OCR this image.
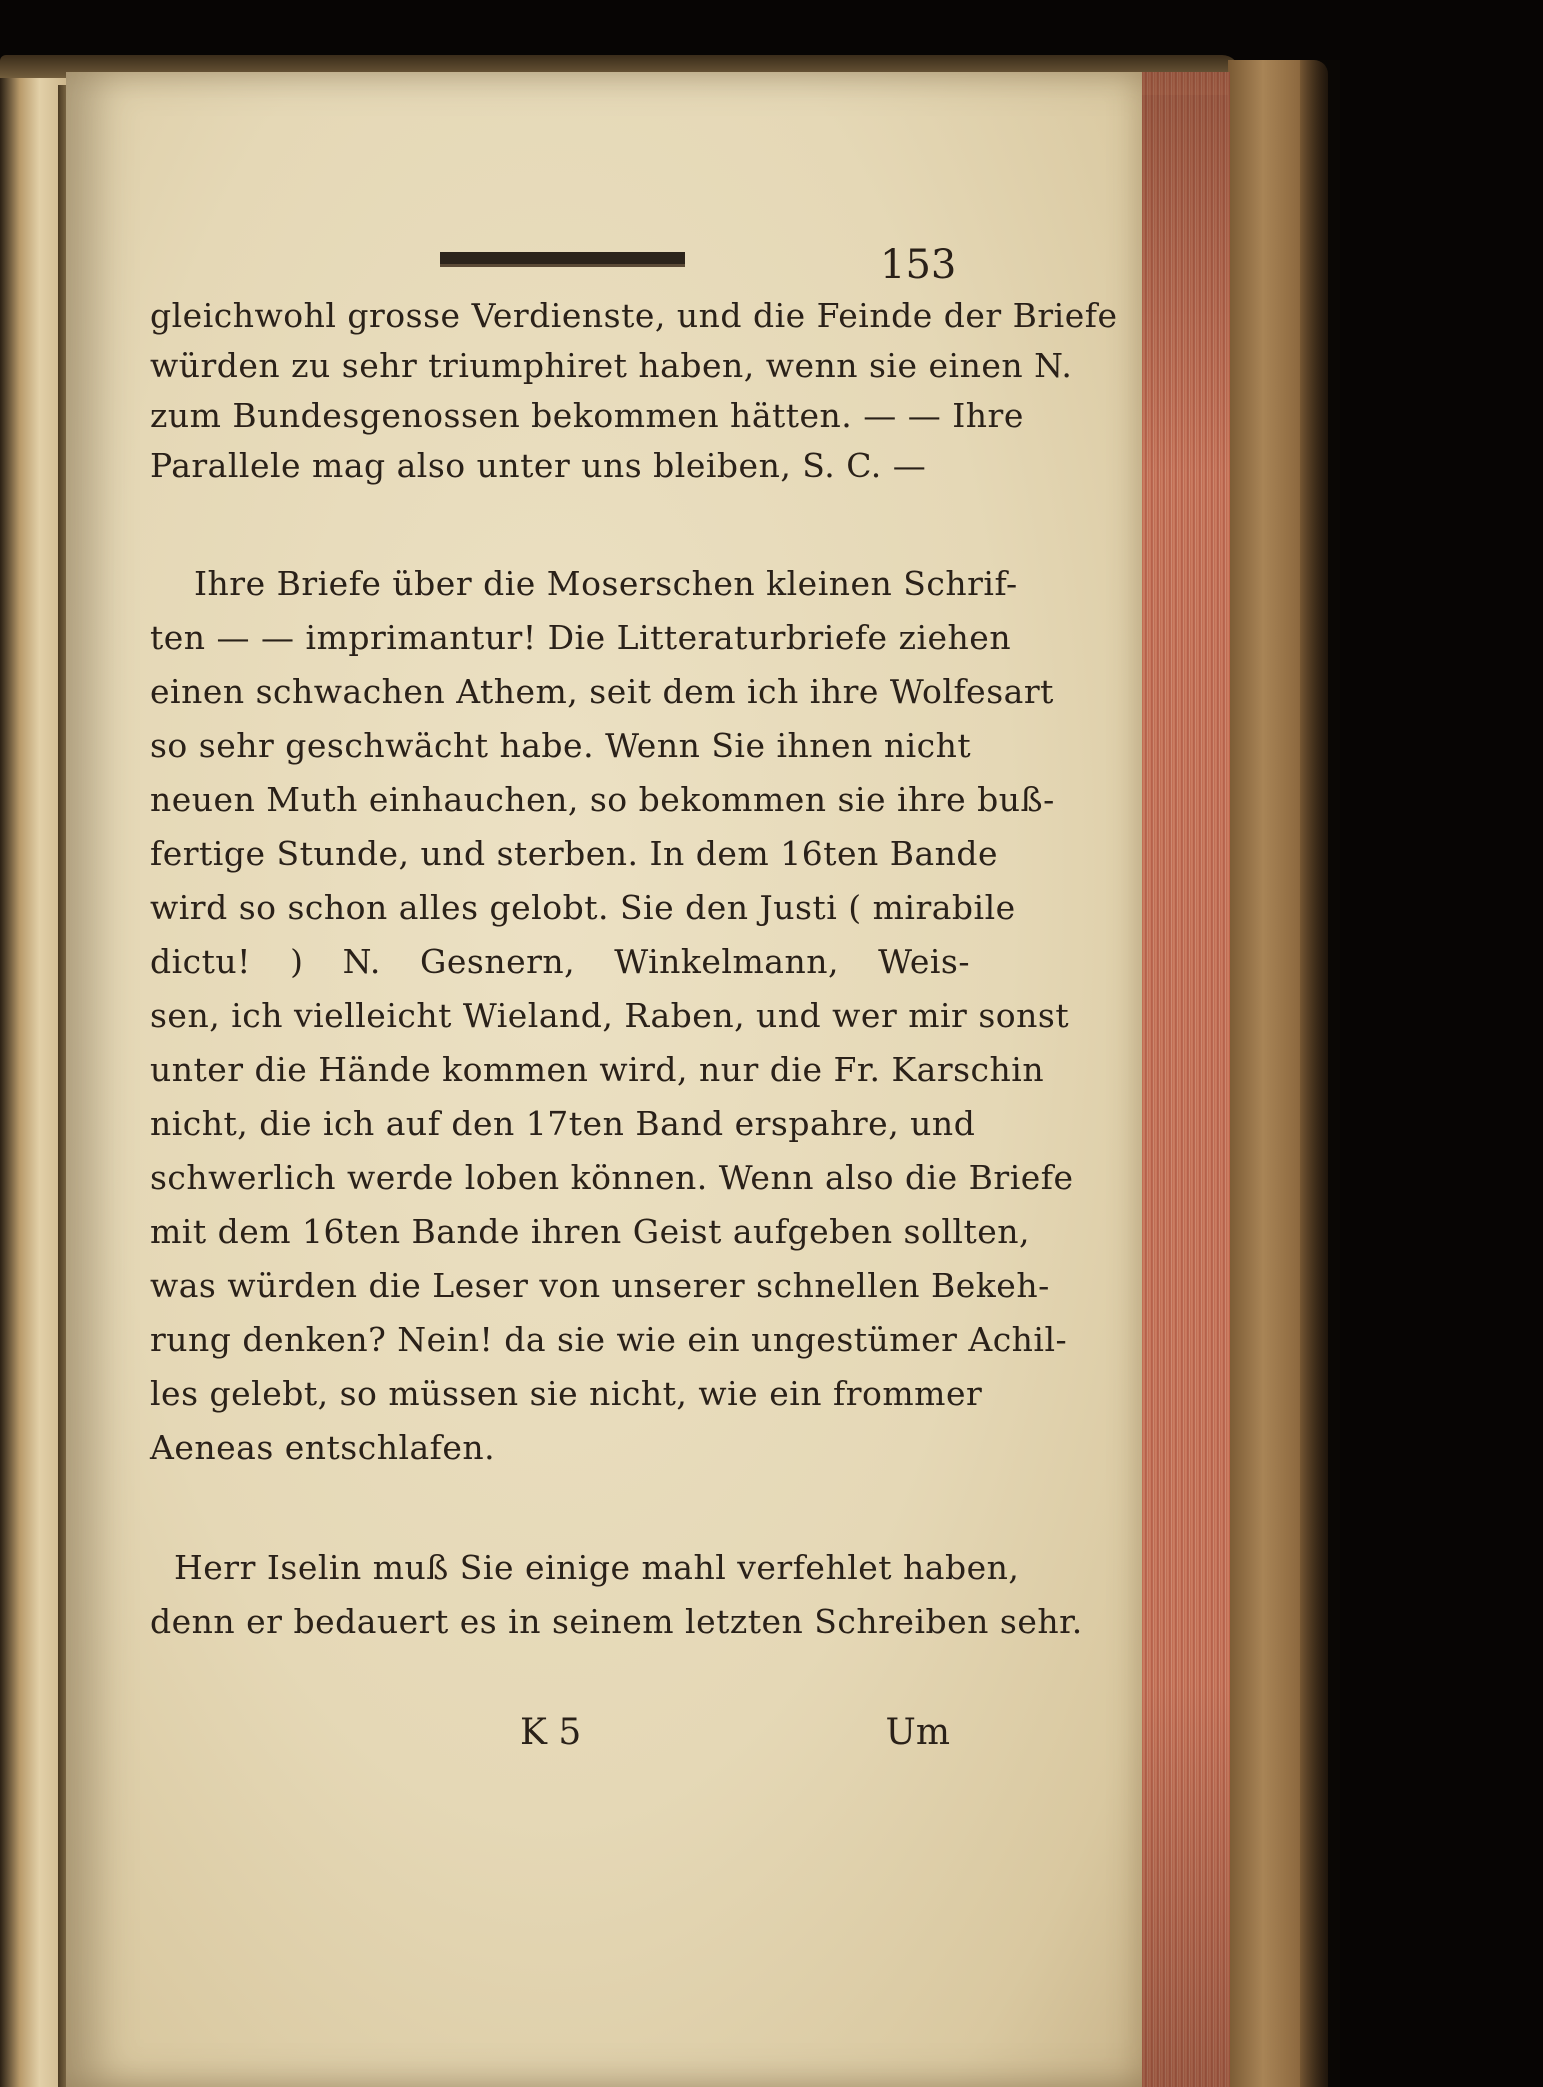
153
gleichwohl grosse Verdienste, und die Feinde der Briefe
würden zu sehr triumphiret haben, wenn sie einen N.
zum Bundesgenossen bekommen hätten. — — Ihre
Parallele mag also unter uns bleiben, S. C. —
Ihre Briefe über die Moserschen kleinen Schrif-
ten — — imprimantur! Die Litteraturbriefe ziehen
einen schwachen Athem, seit dem ich ihre Wolfesart
so sehr geschwächt habe. Wenn Sie ihnen nicht
neuen Muth einhauchen, so bekommen sie ihre buß-
fertige Stunde, und sterben. In dem 16ten Bande
wird so schon alles gelobt. Sie den Justi ( mirabile
dictu! ) N. Gesnern, Winkelmann, Weis-
sen, ich vielleicht Wieland, Raben, und wer mir sonst
unter die Hände kommen wird, nur die Fr. Karschin
nicht, die ich auf den 17ten Band erspahre, und
schwerlich werde loben können. Wenn also die Briefe
mit dem 16ten Bande ihren Geist aufgeben sollten,
was würden die Leser von unserer schnellen Bekeh-
rung denken? Nein! da sie wie ein ungestümer Achil-
les gelebt, so müssen sie nicht, wie ein frommer
Aeneas entschlafen.
Herr Iselin muß Sie einige mahl verfehlet haben,
denn er bedauert es in seinem letzten Schreiben sehr.
K 5	Um
